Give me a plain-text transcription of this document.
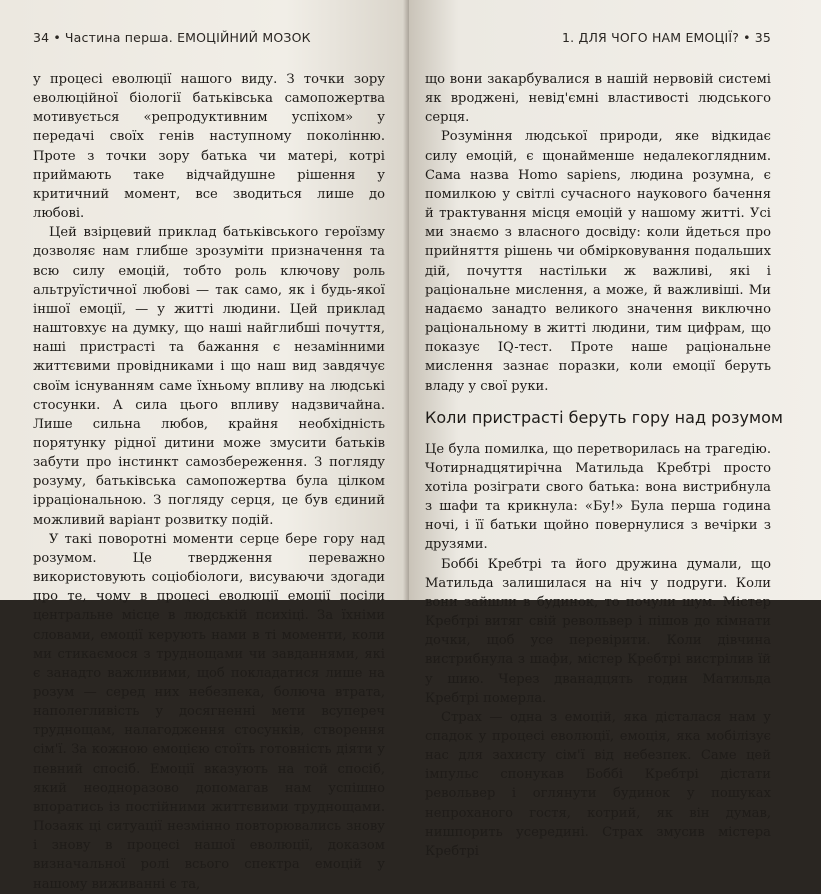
34 • Частина перша. ЕМОЦІЙНИЙ МОЗОК

у процесі еволюції нашого виду. З точки зору еволюційної біології батьківська самопожертва мотивується «репродуктивним успіхом» у передачі своїх генів наступному поколінню. Проте з точки зору батька чи матері, котрі приймають таке відчайдушне рішення у критичний момент, все зводиться лише до любові.

Цей взірцевий приклад батьківського героїзму дозволяє нам глибше зрозуміти призначення та всю силу емоцій, тобто роль ключову роль альтруїстичної любові — так само, як і будь-якої іншої емоції, — у житті людини. Цей приклад наштовхує на думку, що наші найглибші почуття, наші пристрасті та бажання є незамінними життєвими провідниками і що наш вид завдячує своїм існуванням саме їхньому впливу на людські стосунки. А сила цього впливу надзвичайна. Лише сильна любов, крайня необхідність порятунку рідної дитини може змусити батьків забути про інстинкт самозбереження. З погляду розуму, батьківська самопожертва була цілком ірраціональною. З погляду серця, це був єдиний можливий варіант розвитку подій.

У такі поворотні моменти серце бере гору над розумом. Це твердження переважно використовують соціобіологи, висуваючи здогади про те, чому в процесі еволюції емоції посіли центральне місце в людській психіці. За їхніми словами, емоції керують нами в ті моменти, коли ми стикаємося з труднощами чи завданнями, які є занадто важливими, щоб покладатися лише на розум — серед них небезпека, болюча втрата, наполегливість у досягненні мети всупереч труднощам, налагодження стосунків, створення сім'ї. За кожною емоцією стоїть готовність діяти у певний спосіб. Емоції вказують на той спосіб, який неодноразово допомагав нам успішно впоратись із постійними життєвими труднощами. Позаяк ці ситуації незмінно повторювались знову і знову в процесі нашої еволюції, доказом визначальної ролі всього спектра емоцій у нашому виживанні є та,

1. ДЛЯ ЧОГО НАМ ЕМОЦІЇ? • 35

що вони закарбувалися в нашій нервовій системі як вроджені, невід'ємні властивості людського серця.

Розуміння людської природи, яке відкидає силу емоцій, є щонайменше недалекоглядним. Сама назва Homo sapiens, людина розумна, є помилкою у світлі сучасного наукового бачення й трактування місця емоцій у нашому житті. Усі ми знаємо з власного досвіду: коли йдеться про прийняття рішень чи обмірковування подальших дій, почуття настільки ж важливі, які і раціональне мислення, а може, й важливіші. Ми надаємо занадто великого значення виключно раціональному в житті людини, тим цифрам, що показує IQ-тест. Проте наше раціональне мислення зазнає поразки, коли емоції беруть владу у свої руки.

Коли пристрасті беруть гору над розумом

Це була помилка, що перетворилась на трагедію. Чотирнадцятирічна Матильда Кребтрі просто хотіла розіграти свого батька: вона вистрибнула з шафи та крикнула: «Бу!» Була перша година ночі, і її батьки щойно повернулися з вечірки з друзями.

Боббі Кребтрі та його дружина думали, що Матильда залишилася на ніч у подруги. Коли вони зайшли в будинок, то почули шум. Містер Кребтрі витяг свій револьвер і пішов до кімнати дочки, щоб усе перевірити. Коли дівчина вистрибнула з шафи, містер Кребтрі вистрілив їй у шию. Через дванадцять годин Матильда Кребтрі померла.

Страх — одна з емоцій, яка дісталася нам у спадок у процесі еволюції, емоція, яка мобілізує нас для захисту сім'ї від небезпек. Саме цей імпульс спонукав Боббі Кребтрі дістати револьвер і оглянути будинок у пошуках непроханого гостя, котрий, як він думав, нишпорить усередині. Страх змусив містера Кребтрі
